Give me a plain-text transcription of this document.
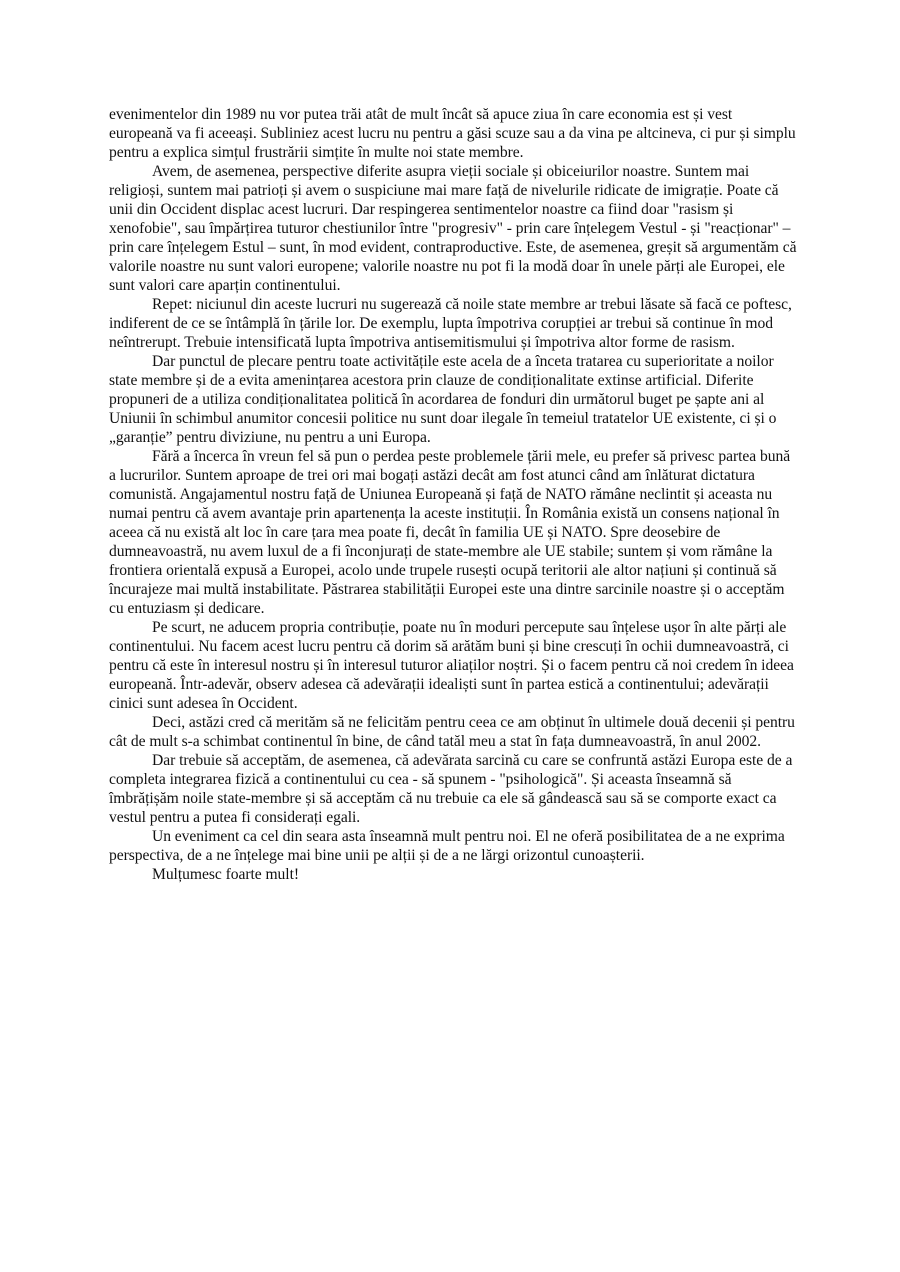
evenimentelor din 1989 nu vor putea trăi atât de mult încât să apuce ziua în care economia est și vest europeană va fi aceeași. Subliniez acest lucru nu pentru a găsi scuze sau a da vina pe altcineva, ci pur și simplu pentru a explica simțul frustrării simțite în multe noi state membre.

Avem, de asemenea, perspective diferite asupra vieții sociale și obiceiurilor noastre. Suntem mai religioși, suntem mai patrioți și avem o suspiciune mai mare față de nivelurile ridicate de imigrație. Poate că unii din Occident displac acest lucruri. Dar respingerea sentimentelor noastre ca fiind doar "rasism și xenofobie", sau împărțirea tuturor chestiunilor între "progresiv" - prin care înțelegem Vestul - și "reacționar" – prin care înțelegem Estul – sunt, în mod evident, contraproductive. Este, de asemenea, greșit să argumentăm că valorile noastre nu sunt valori europene; valorile noastre nu pot fi la modă doar în unele părți ale Europei, ele sunt valori care aparțin continentului.

Repet: niciunul din aceste lucruri nu sugerează că noile state membre ar trebui lăsate să facă ce poftesc, indiferent de ce se întâmplă în țările lor. De exemplu, lupta împotriva corupției ar trebui să continue în mod neîntrerupt. Trebuie intensificată lupta împotriva antisemitismului și împotriva altor forme de rasism.

Dar punctul de plecare pentru toate activitățile este acela de a înceta tratarea cu superioritate a noilor state membre și de a evita amenințarea acestora prin clauze de condiționalitate extinse artificial. Diferite propuneri de a utiliza condiționalitatea politică în acordarea de fonduri din următorul buget pe șapte ani al Uniunii în schimbul anumitor concesii politice nu sunt doar ilegale în temeiul tratatelor UE existente, ci și o „garanție” pentru diviziune, nu pentru a uni Europa.

Fără a încerca în vreun fel să pun o perdea peste problemele țării mele, eu prefer să privesc partea bună a lucrurilor. Suntem aproape de trei ori mai bogați astăzi decât am fost atunci când am înlăturat dictatura comunistă. Angajamentul nostru față de Uniunea Europeană și față de NATO rămâne neclintit și aceasta nu numai pentru că avem avantaje prin apartenența la aceste instituții. În România există un consens național în aceea că nu există alt loc în care țara mea poate fi, decât în familia UE și NATO. Spre deosebire de dumneavoastră, nu avem luxul de a fi înconjurați de state-membre ale UE stabile; suntem și vom rămâne la frontiera orientală expusă a Europei, acolo unde trupele rusești ocupă teritorii ale altor națiuni și continuă să încurajeze mai multă instabilitate. Păstrarea stabilității Europei este una dintre sarcinile noastre și o acceptăm cu entuziasm și dedicare.

Pe scurt, ne aducem propria contribuție, poate nu în moduri percepute sau înțelese ușor în alte părți ale continentului. Nu facem acest lucru pentru că dorim să arătăm buni și bine crescuți în ochii dumneavoastră, ci pentru că este în interesul nostru și în interesul tuturor aliaților noștri. Și o facem pentru că noi credem în ideea europeană. Într-adevăr, observ adesea că adevărații idealiști sunt în partea estică a continentului; adevărații cinici sunt adesea în Occident.

Deci, astăzi cred că merităm să ne felicităm pentru ceea ce am obținut în ultimele două decenii și pentru cât de mult s-a schimbat continentul în bine, de când tatăl meu a stat în fața dumneavoastră, în anul 2002.

Dar trebuie să acceptăm, de asemenea, că adevărata sarcină cu care se confruntă astăzi Europa este de a completa integrarea fizică a continentului cu cea - să spunem - "psihologică". Și aceasta înseamnă să îmbrățișăm noile state-membre și să acceptăm că nu trebuie ca ele să gândească sau să se comporte exact ca vestul pentru a putea fi considerați egali.

Un eveniment ca cel din seara asta înseamnă mult pentru noi. El ne oferă posibilitatea de a ne exprima perspectiva, de a ne înțelege mai bine unii pe alții și de a ne lărgi orizontul cunoașterii.

Mulțumesc foarte mult!
